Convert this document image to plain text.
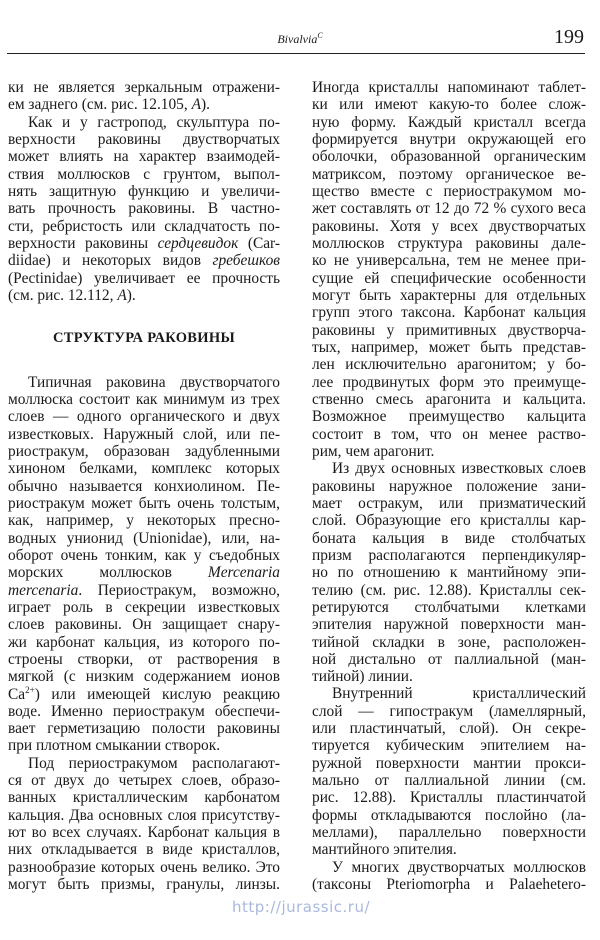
Bivalvia$^C$	199
ки не является зеркальным отражени-
ем заднего (см. рис. 12.105, А).
Как и у гастропод, скульптура по-
верхности раковины двустворчатых
может влиять на характер взаимодей-
ствия моллюсков с грунтом, выпол-
нять защитную функцию и увеличи-
вать прочность раковины. В частно-
сти, ребристость или складчатость по-
верхности раковины сердцевидок (Car-
diidae) и некоторых видов гребешков
(Pectinidae) увеличивает ее прочность
(см. рис. 12.112, А).
СТРУКТУРА РАКОВИНЫ
Типичная раковина двустворчатого
моллюска состоит как минимум из трех
слоев — одного органического и двух
известковых. Наружный слой, или пе-
риостракум, образован задубленными
хиноном белками, комплекс которых
обычно называется конхиолином. Пе-
риостракум может быть очень толстым,
как, например, у некоторых пресно-
водных унионид (Unionidae), или, на-
оборот очень тонким, как у съедобных
морских моллюсков Mercenaria
mercenaria. Периостракум, возможно,
играет роль в секреции известковых
слоев раковины. Он защищает снару-
жи карбонат кальция, из которого по-
строены створки, от растворения в
мягкой (с низким содержанием ионов
$Ca^{2+}$) или имеющей кислую реакцию
воде. Именно периостракум обеспечи-
вает герметизацию полости раковины
при плотном смыкании створок.
Под периостракумом располагают-
ся от двух до четырех слоев, образо-
ванных кристаллическим карбонатом
кальция. Два основных слоя присутству-
ют во всех случаях. Карбонат кальция в
них откладывается в виде кристаллов,
разнообразие которых очень велико. Это
могут быть призмы, гранулы, линзы.
Иногда кристаллы напоминают таблет-
ки или имеют какую-то более слож-
ную форму. Каждый кристалл всегда
формируется внутри окружающей его
оболочки, образованной органическим
матриксом, поэтому органическое ве-
щество вместе с периостракумом мо-
жет составлять от 12 до 72 % сухого веса
раковины. Хотя у всех двустворчатых
моллюсков структура раковины дале-
ко не универсальна, тем не менее при-
сущие ей специфические особенности
могут быть характерны для отдельных
групп этого таксона. Карбонат кальция
раковины у примитивных двустворча-
тых, например, может быть представ-
лен исключительно арагонитом; у бо-
лее продвинутых форм это преимуще-
ственно смесь арагонита и кальцита.
Возможное преимущество кальцита
состоит в том, что он менее раство-
рим, чем арагонит.
Из двух основных известковых слоев
раковины наружное положение зани-
мает остракум, или призматический
слой. Образующие его кристаллы кар-
боната кальция в виде столбчатых
призм располагаются перпендикуляр-
но по отношению к мантийному эпи-
телию (см. рис. 12.88). Кристаллы сек-
ретируются столбчатыми клетками
эпителия наружной поверхности ман-
тийной складки в зоне, расположен-
ной дистально от паллиальной (ман-
тийной) линии.
Внутренний кристаллический
слой — гипостракум (ламеллярный,
или пластинчатый, слой). Он секре-
тируется кубическим эпителием на-
ружной поверхности мантии прокси-
мально от паллиальной линии (см.
рис. 12.88). Кристаллы пластинчатой
формы откладываются послойно (ла-
меллами), параллельно поверхности
мантийного эпителия.
У многих двустворчатых моллюсков
(таксоны Pteriomorpha и Palaehetero-
http://jurassic.ru/
